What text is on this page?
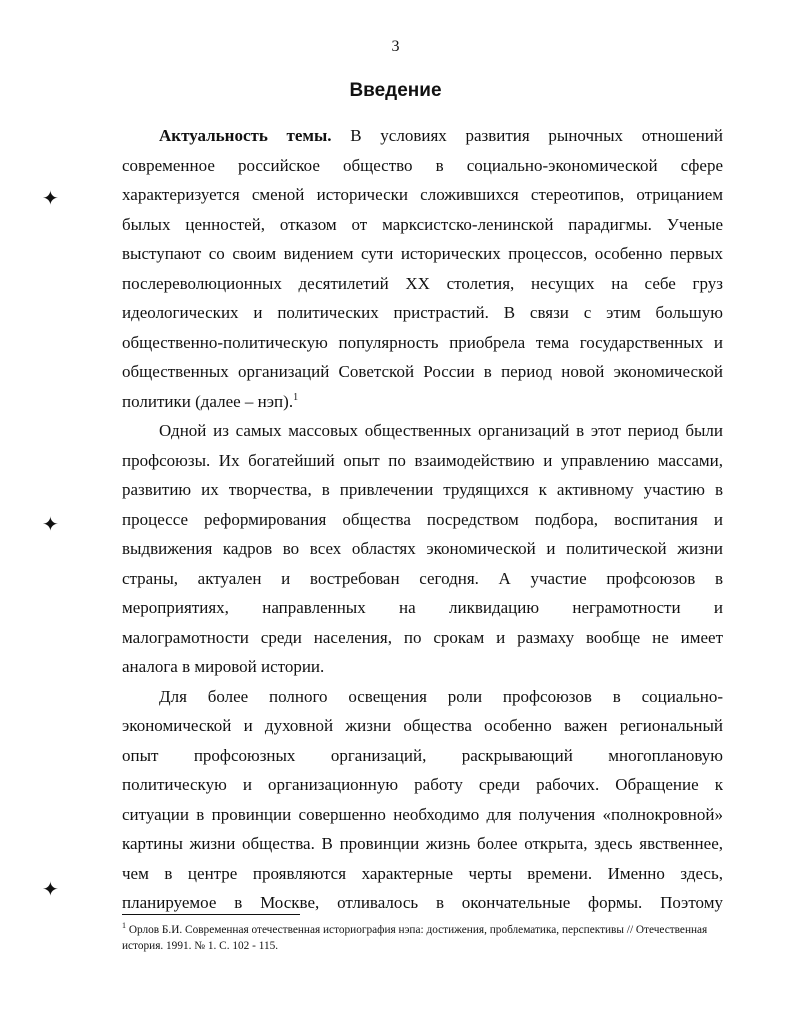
3
Введение
✦
✦
✦
Актуальность темы. В условиях развития рыночных отношений
современное российское общество в социально-экономической сфере
характеризуется сменой исторически сложившихся стереотипов, отрицанием
былых ценностей, отказом от марксистско-ленинской парадигмы. Ученые
выступают со своим видением сути исторических процессов, особенно первых
послереволюционных десятилетий XX столетия, несущих на себе груз
идеологических и политических пристрастий. В связи с этим большую
общественно-политическую популярность приобрела тема государственных и
общественных организаций Советской России в период новой экономической
политики (далее – нэп).$^1$
Одной из самых массовых общественных организаций в этот период были
профсоюзы. Их богатейший опыт по взаимодействию и управлению массами,
развитию их творчества, в привлечении трудящихся к активному участию в
процессе реформирования общества посредством подбора, воспитания и
выдвижения кадров во всех областях экономической и политической жизни
страны, актуален и востребован сегодня. А участие профсоюзов в
мероприятиях, направленных на ликвидацию неграмотности и
малограмотности среди населения, по срокам и размаху вообще не имеет
аналога в мировой истории.
Для более полного освещения роли профсоюзов в социально-
экономической и духовной жизни общества особенно важен региональный
опыт профсоюзных организаций, раскрывающий многоплановую
политическую и организационную работу среди рабочих. Обращение к
ситуации в провинции совершенно необходимо для получения «полнокровной»
картины жизни общества. В провинции жизнь более открыта, здесь явственнее,
чем в центре проявляются характерные черты времени. Именно здесь,
планируемое в Москве, отливалось в окончательные формы. Поэтому
$^1$ Орлов Б.И. Современная отечественная историография нэпа: достижения, проблематика, перспективы // Отечественная
история. 1991. № 1. С. 102 - 115.
